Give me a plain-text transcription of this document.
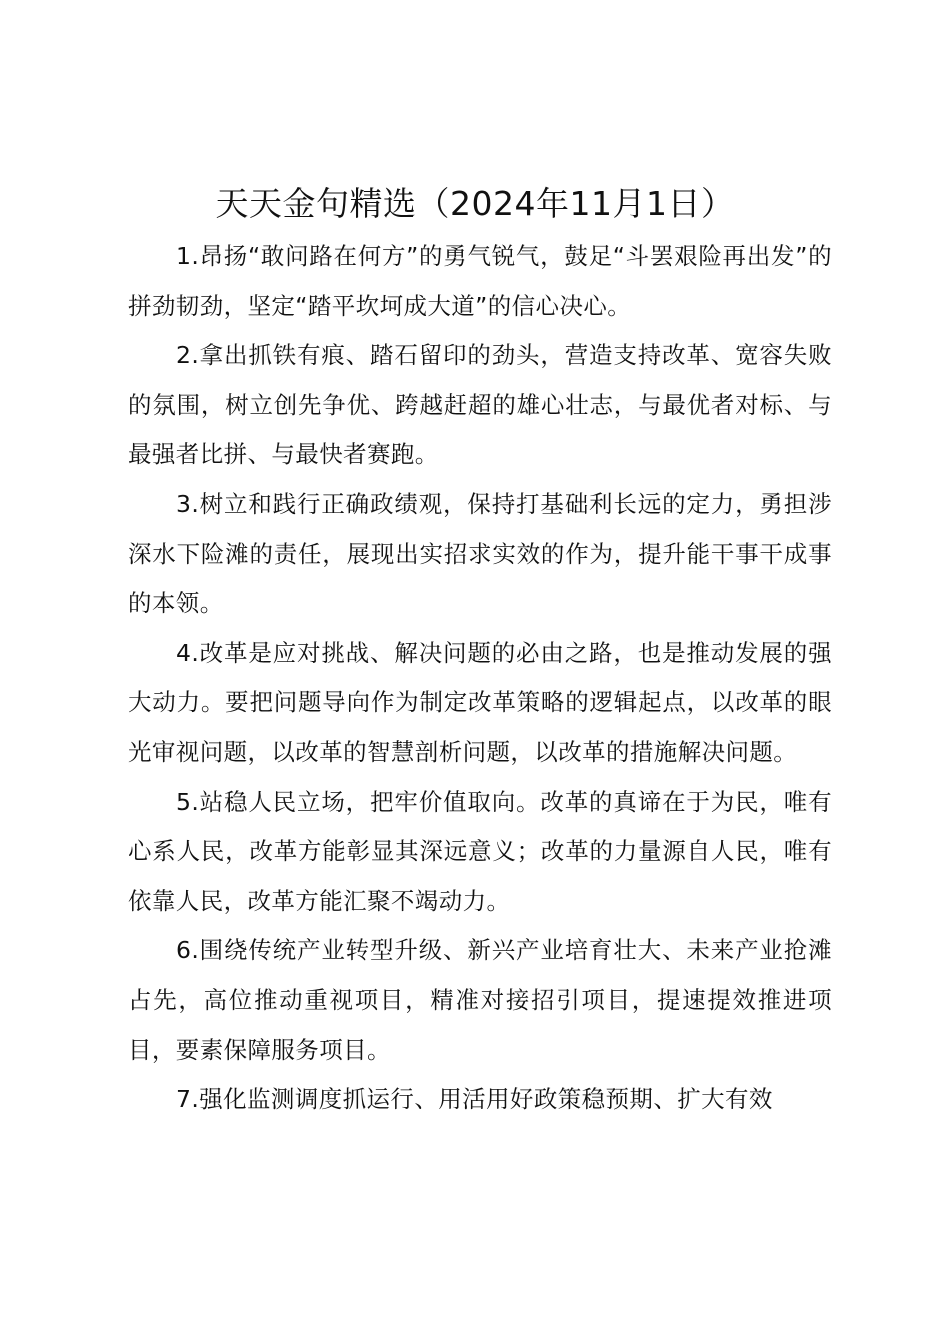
天天金句精选（2024年11月1日）

1.昂扬“敢问路在何方”的勇气锐气，鼓足“斗罢艰险再出发”的拼劲韧劲，坚定“踏平坎坷成大道”的信心决心。

2.拿出抓铁有痕、踏石留印的劲头，营造支持改革、宽容失败的氛围，树立创先争优、跨越赶超的雄心壮志，与最优者对标、与最强者比拼、与最快者赛跑。

3.树立和践行正确政绩观，保持打基础利长远的定力，勇担涉深水下险滩的责任，展现出实招求实效的作为，提升能干事干成事的本领。

4.改革是应对挑战、解决问题的必由之路，也是推动发展的强大动力。要把问题导向作为制定改革策略的逻辑起点，以改革的眼光审视问题，以改革的智慧剖析问题，以改革的措施解决问题。

5.站稳人民立场，把牢价值取向。改革的真谛在于为民，唯有心系人民，改革方能彰显其深远意义；改革的力量源自人民，唯有依靠人民，改革方能汇聚不竭动力。

6.围绕传统产业转型升级、新兴产业培育壮大、未来产业抢滩占先，高位推动重视项目，精准对接招引项目，提速提效推进项目，要素保障服务项目。

7.强化监测调度抓运行、用活用好政策稳预期、扩大有效
